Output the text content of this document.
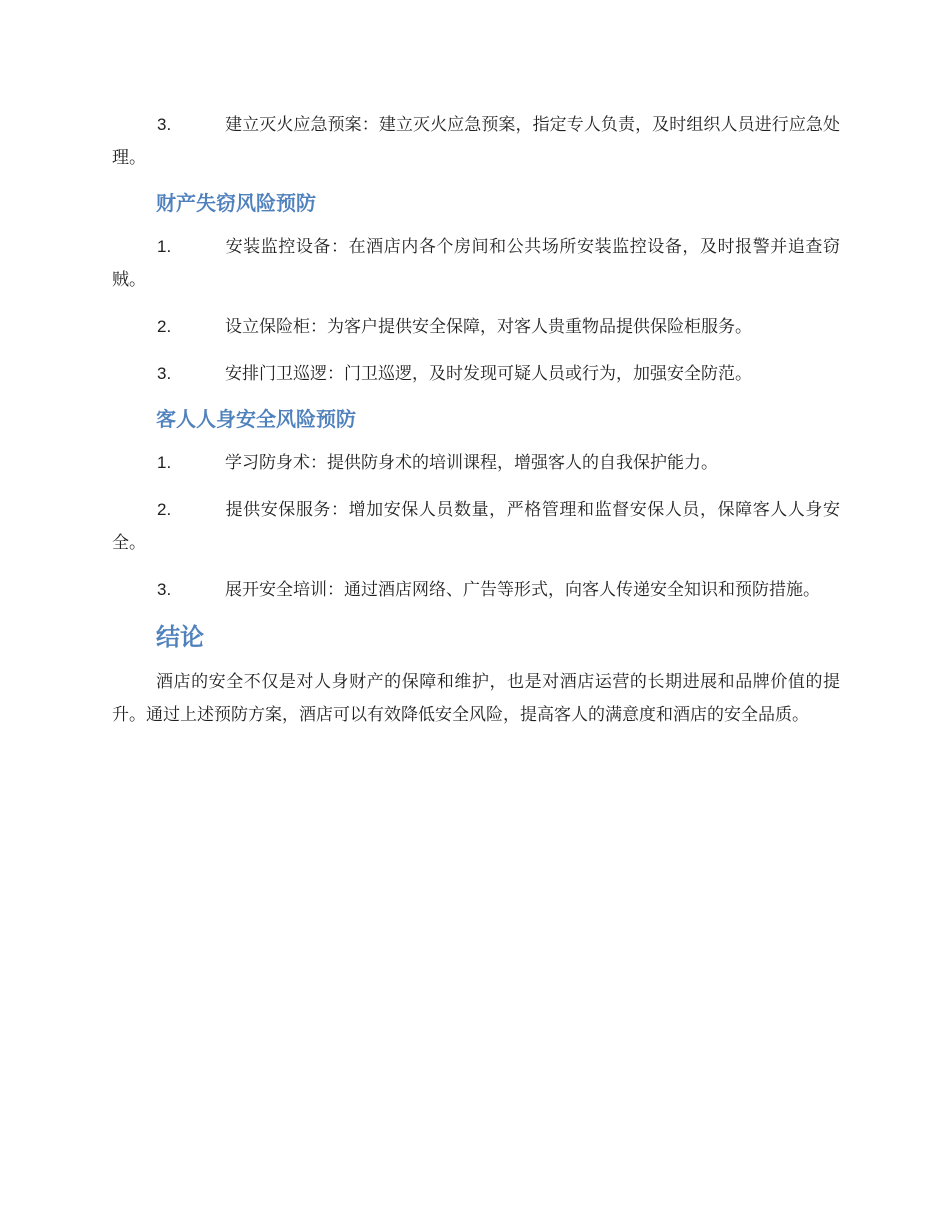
3.	建立灭火应急预案：建立灭火应急预案，指定专人负责，及时组织人员进行应急处理。
财产失窃风险预防
1.	安装监控设备：在酒店内各个房间和公共场所安装监控设备，及时报警并追查窃贼。
2.	设立保险柜：为客户提供安全保障，对客人贵重物品提供保险柜服务。
3.	安排门卫巡逻：门卫巡逻，及时发现可疑人员或行为，加强安全防范。
客人人身安全风险预防
1.	学习防身术：提供防身术的培训课程，增强客人的自我保护能力。
2.	提供安保服务：增加安保人员数量，严格管理和监督安保人员，保障客人人身安全。
3.	展开安全培训：通过酒店网络、广告等形式，向客人传递安全知识和预防措施。
结论

酒店的安全不仅是对人身财产的保障和维护，也是对酒店运营的长期进展和品牌价值的提升。通过上述预防方案，酒店可以有效降低安全风险，提高客人的满意度和酒店的安全品质。
